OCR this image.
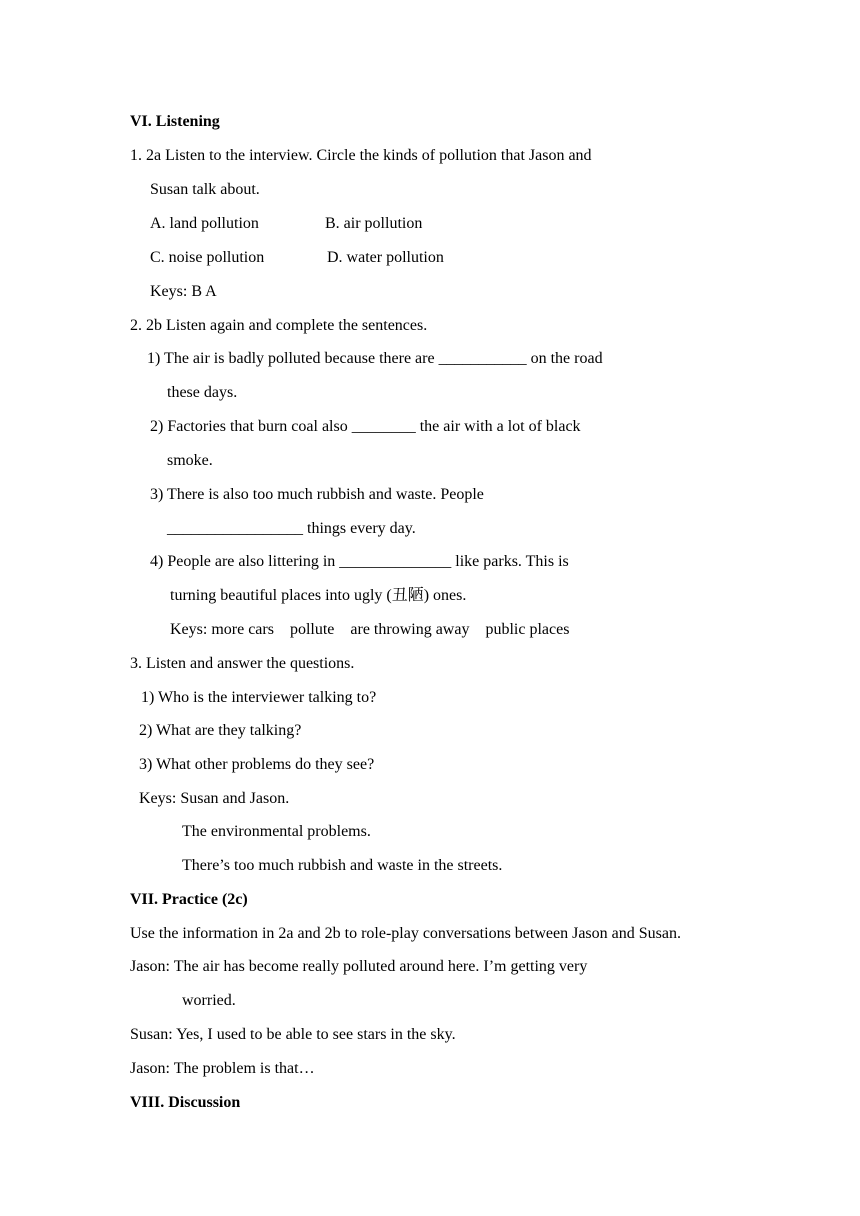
VI. Listening
1. 2a Listen to the interview. Circle the kinds of pollution that Jason and
Susan talk about.
A. land pollution	B. air pollution
C. noise pollution	D. water pollution
Keys: B A
2. 2b Listen again and complete the sentences.
1) The air is badly polluted because there are ___________ on the road
these days.
2) Factories that burn coal also ________ the air with a lot of black
smoke.
3) There is also too much rubbish and waste. People
_________________ things every day.
4) People are also littering in ______________ like parks. This is
turning beautiful places into ugly (丑陋) ones.
Keys: more cars    pollute    are throwing away    public places
3. Listen and answer the questions.
1) Who is the interviewer talking to?
2) What are they talking?
3) What other problems do they see?
Keys: Susan and Jason.
The environmental problems.
There’s too much rubbish and waste in the streets.
VII. Practice (2c)
Use the information in 2a and 2b to role-play conversations between Jason and Susan.
Jason: The air has become really polluted around here. I’m getting very
worried.
Susan: Yes, I used to be able to see stars in the sky.
Jason: The problem is that…
VIII. Discussion
